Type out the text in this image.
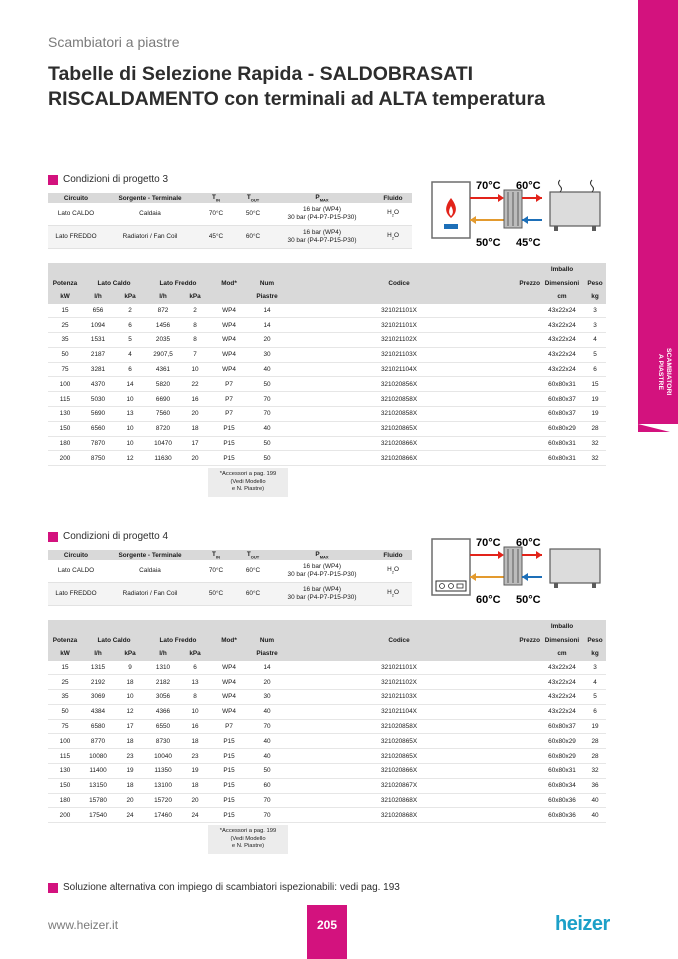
Scambiatori a piastre
Tabelle di Selezione Rapida - SALDOBRASATI
RISCALDAMENTO con terminali ad ALTA temperatura
SCAMBIATORI
A PIASTRE
Condizioni di progetto 3
Circuito	Sorgente - Terminale	$T_{IN}$	$T_{OUT}$	$P_{MAX}$	Fluido
Lato CALDO	Caldaia	70°C	50°C	16 bar (WP4)
30 bar (P4-P7-P15-P30)	$H_2O$
Lato FREDDO	Radiatori / Fan Coil	45°C	60°C	16 bar (WP4)
30 bar (P4-P7-P15-P30)	$H_2O$
70°C 60°C
50°C 45°C
									Imballo	
Potenza	Lato Caldo		Lato Freddo		Mod*	Num	Codice	Prezzo	Dimensioni	Peso
kW	l/h	kPa	l/h	kPa		Piastre			cm	kg
15	656	2	872	2	WP4	14	321021101X					43x22x24	3
25	1094	6	1456	8	WP4	14	321021101X					43x22x24	3
35	1531	5	2035	8	WP4	20	321021102X					43x22x24	4
50	2187	4	2907,5	7	WP4	30	321021103X					43x22x24	5
75	3281	6	4361	10	WP4	40	321021104X					43x22x24	6
100	4370	14	5820	22	P7	50	321020856X					60x80x31	15
115	5030	10	6690	16	P7	70	321020858X					60x80x37	19
130	5690	13	7560	20	P7	70	321020858X					60x80x37	19
150	6560	10	8720	18	P15	40	321020865X					60x80x29	28
180	7870	10	10470	17	P15	50	321020866X					60x80x31	32
200	8750	12	11630	20	P15	50	321020866X					60x80x31	32
*Accessori a pag. 199
(Vedi Modello
e N. Piastre)
Condizioni di progetto 4
Circuito	Sorgente - Terminale	$T_{IN}$	$T_{OUT}$	$P_{MAX}$	Fluido
Lato CALDO	Caldaia	70°C	60°C	16 bar (WP4)
30 bar (P4-P7-P15-P30)	$H_2O$
Lato FREDDO	Radiatori / Fan Coil	50°C	60°C	16 bar (WP4)
30 bar (P4-P7-P15-P30)	$H_2O$
70°C 60°C
60°C 50°C
									Imballo	
Potenza	Lato Caldo		Lato Freddo		Mod*	Num	Codice	Prezzo	Dimensioni	Peso
kW	l/h	kPa	l/h	kPa		Piastre			cm	kg
15	1315	9	1310	6	WP4	14	321021101X					43x22x24	3
25	2192	18	2182	13	WP4	20	321021102X					43x22x24	4
35	3069	10	3056	8	WP4	30	321021103X					43x22x24	5
50	4384	12	4366	10	WP4	40	321021104X					43x22x24	6
75	6580	17	6550	16	P7	70	321020858X					60x80x37	19
100	8770	18	8730	18	P15	40	321020865X					60x80x29	28
115	10080	23	10040	23	P15	40	321020865X					60x80x29	28
130	11400	19	11350	19	P15	50	321020866X					60x80x31	32
150	13150	18	13100	18	P15	60	321020867X					60x80x34	36
180	15780	20	15720	20	P15	70	321020868X					60x80x36	40
200	17540	24	17460	24	P15	70	321020868X					60x80x36	40
*Accessori a pag. 199
(Vedi Modello
e N. Piastre)
Soluzione alternativa con impiego di scambiatori ispezionabili: vedi pag. 193
www.heizer.it	205	heizer
